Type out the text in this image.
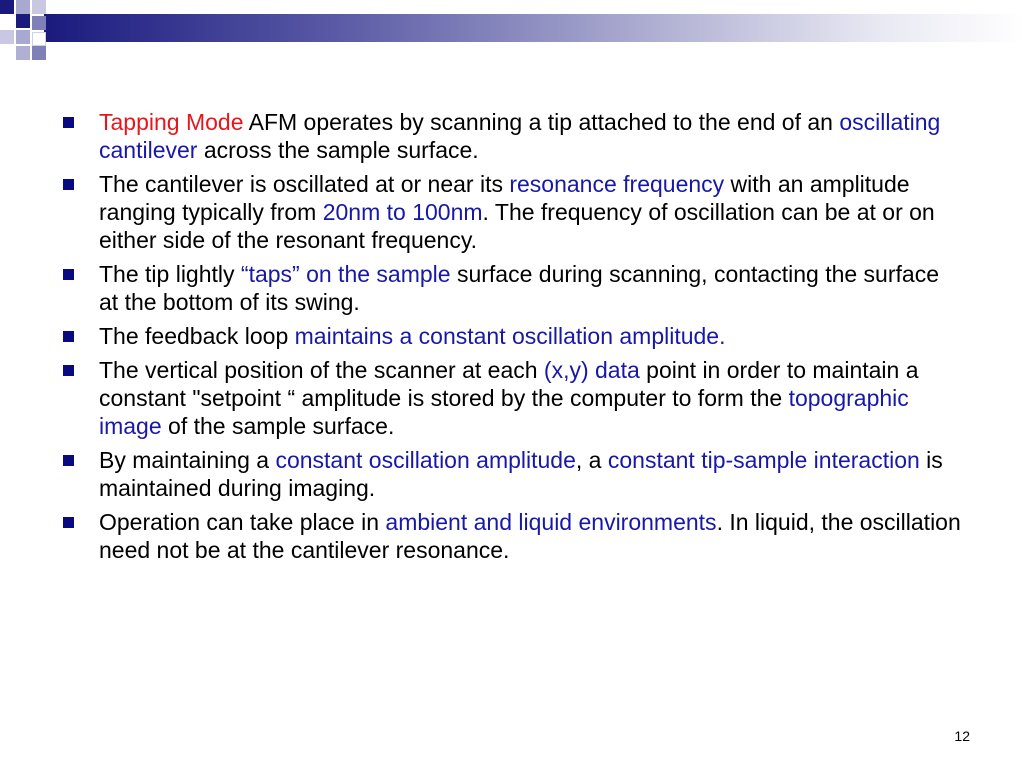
Tapping Mode AFM operates by scanning a tip attached to the end of an oscillating cantilever across the sample surface.
The cantilever is oscillated at or near its resonance frequency with an amplitude ranging typically from 20nm to 100nm. The frequency of oscillation can be at or on either side of the resonant frequency.
The tip lightly “taps” on the sample surface during scanning, contacting the surface at the bottom of its swing.
The feedback loop maintains a constant oscillation amplitude.
The vertical position of the scanner at each (x,y) data point in order to maintain a constant "setpoint “ amplitude is stored by the computer to form the topographic image of the sample surface.
By maintaining a constant oscillation amplitude, a constant tip-sample interaction is maintained during imaging.
Operation can take place in ambient and liquid environments. In liquid, the oscillation need not be at the cantilever resonance.
12
